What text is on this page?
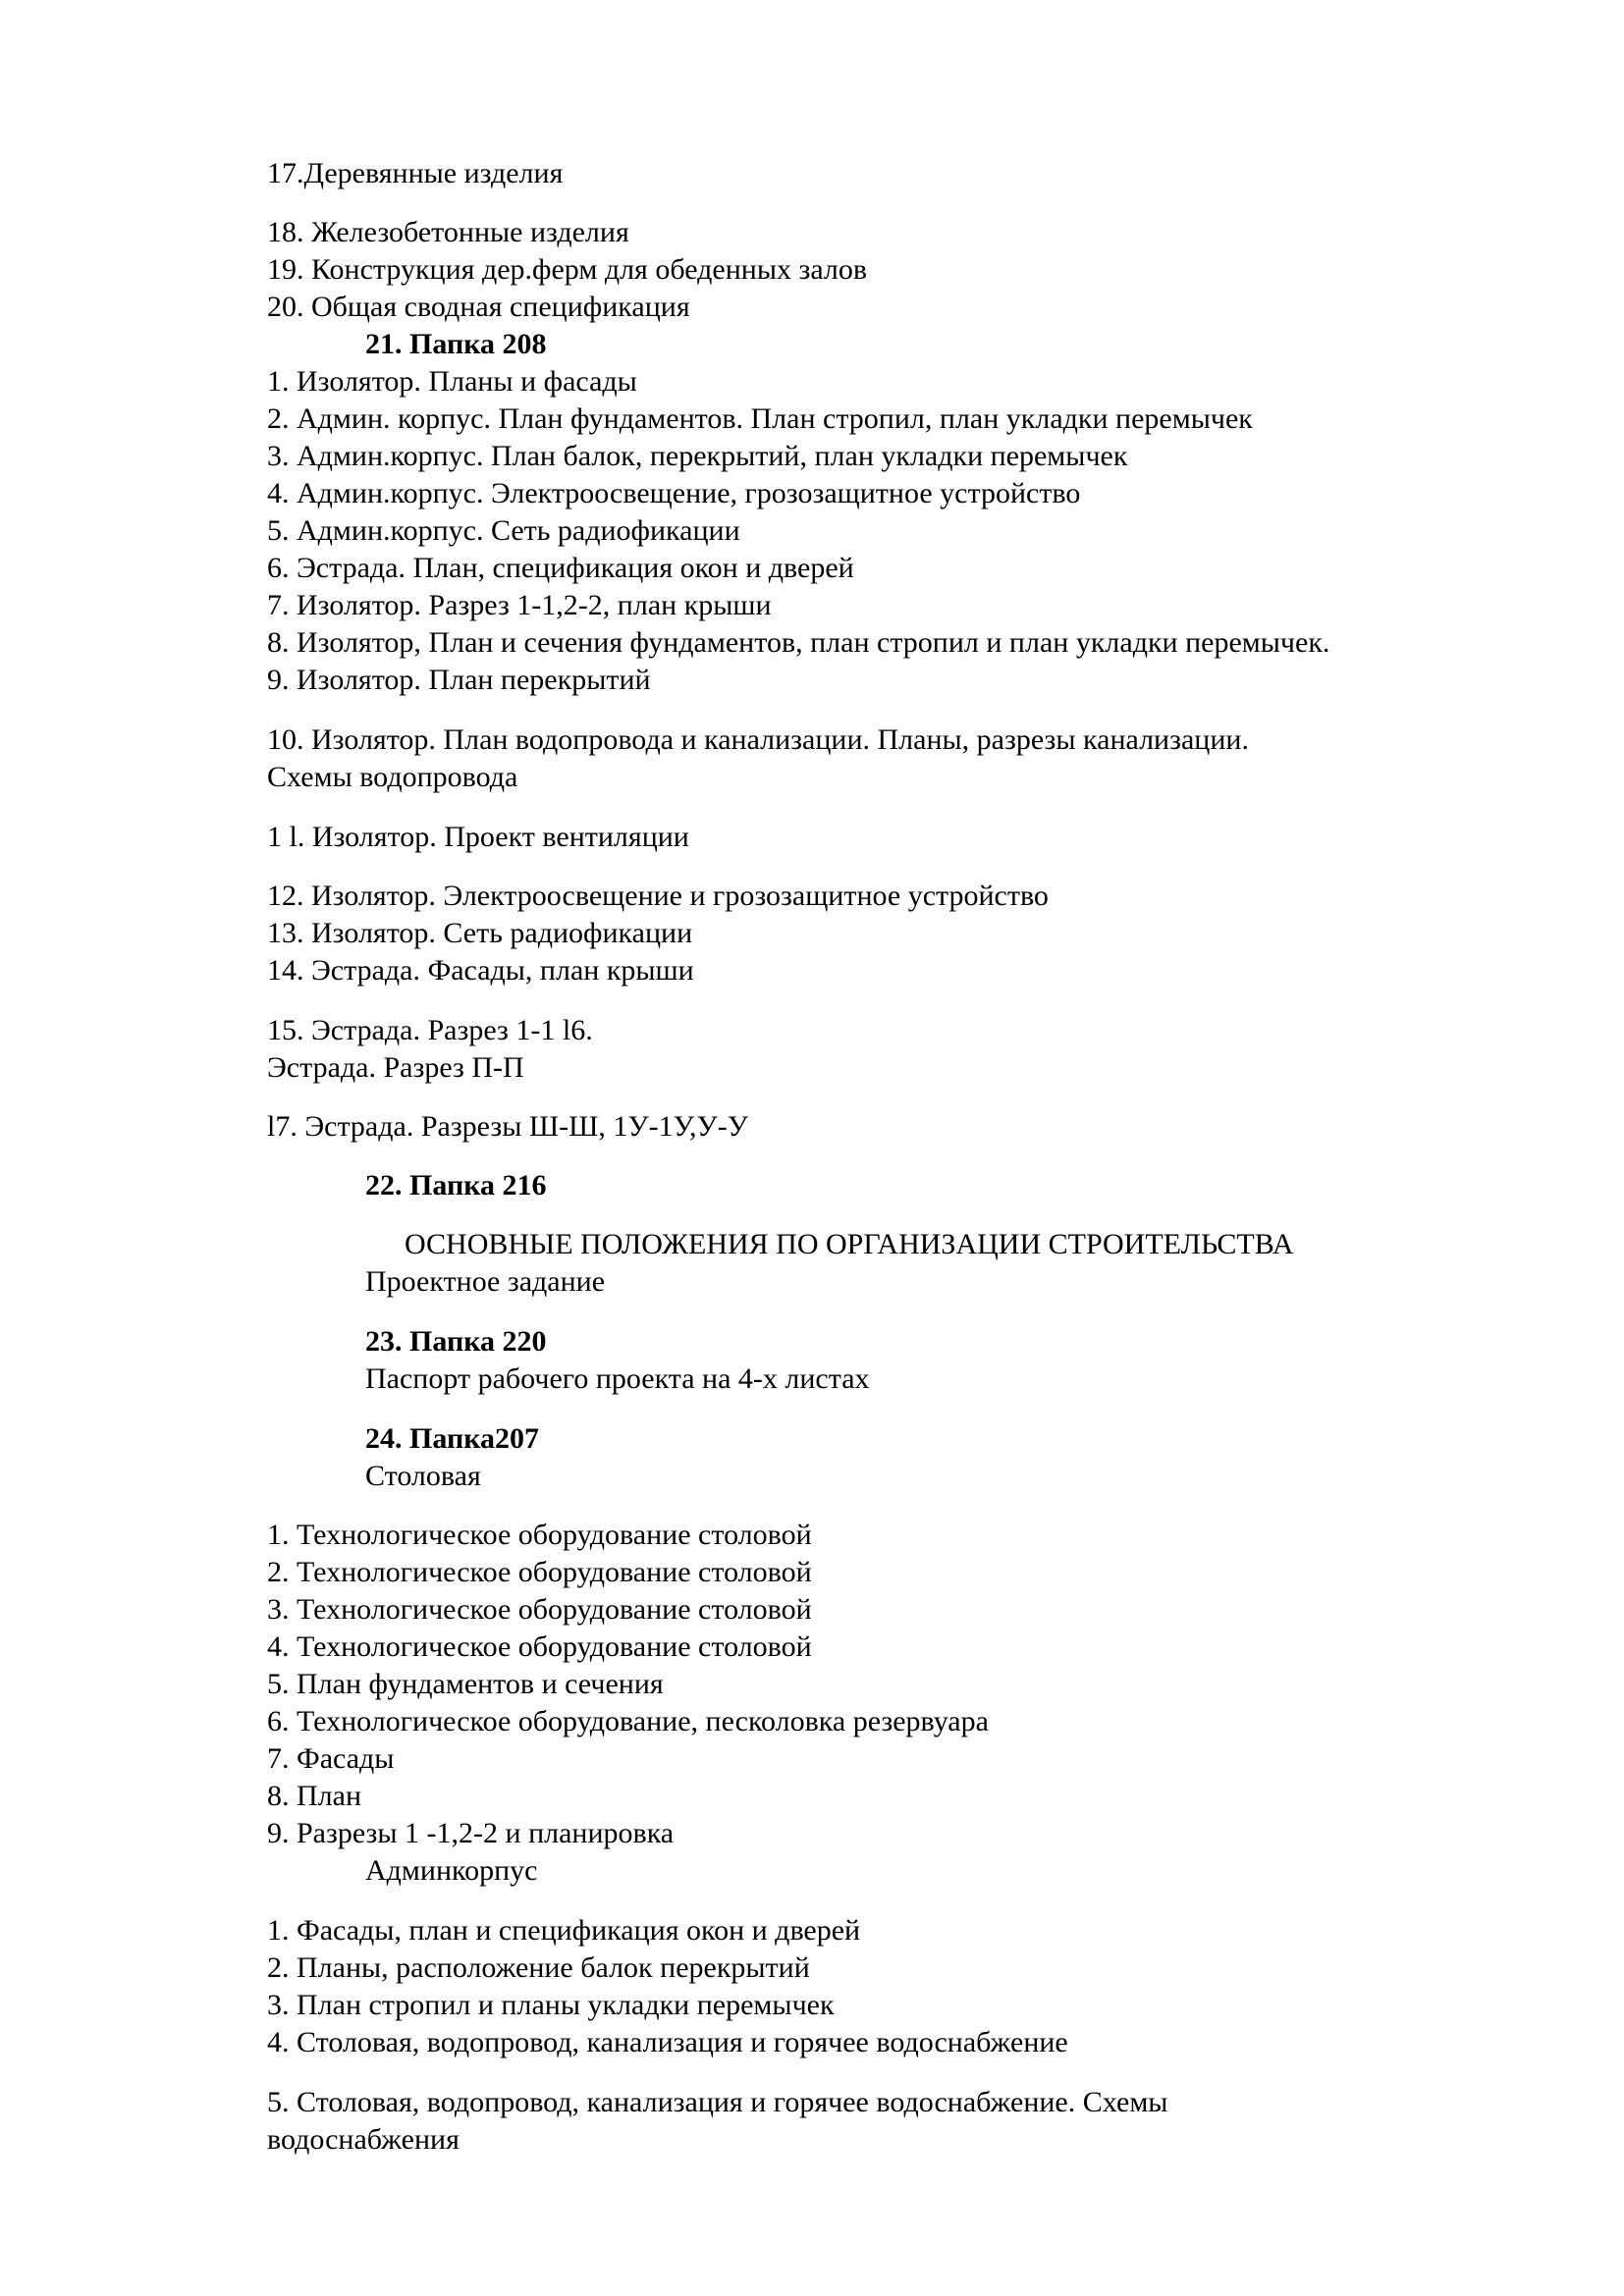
17.Деревянные изделия
18. Железобетонные изделия
19. Конструкция дер.ферм для обеденных залов
20. Общая сводная спецификация
21. Папка 208
1. Изолятор. Планы и фасады
2. Админ. корпус. План фундаментов. План стропил, план укладки перемычек
3. Админ.корпус. План балок, перекрытий, план укладки перемычек
4. Админ.корпус. Электроосвещение, грозозащитное устройство
5. Админ.корпус. Сеть радиофикации
6. Эстрада. План, спецификация окон и дверей
7. Изолятор. Разрез 1-1,2-2, план крыши
8. Изолятор, План и сечения фундаментов, план стропил и план укладки перемычек.
9. Изолятор. План перекрытий
10. Изолятор. План водопровода и канализации. Планы, разрезы канализации.
Схемы водопровода
1 l. Изолятор. Проект вентиляции
12. Изолятор. Электроосвещение и грозозащитное устройство
13. Изолятор. Сеть радиофикации
14. Эстрада. Фасады, план крыши
15. Эстрада. Разрез 1-1 l6.
Эстрада. Разрез П-П
l7. Эстрада. Разрезы Ш-Ш, 1У-1У,У-У
22. Папка 216
ОСНОВНЫЕ ПОЛОЖЕНИЯ ПО ОРГАНИЗАЦИИ СТРОИТЕЛЬСТВА
Проектное задание
23. Папка 220
Паспорт рабочего проекта на 4-х листах
24. Папка207
Столовая
1. Технологическое оборудование столовой
2. Технологическое оборудование столовой
3. Технологическое оборудование столовой
4. Технологическое оборудование столовой
5. План фундаментов и сечения
6. Технологическое оборудование, песколовка резервуара
7. Фасады
8. План
9. Разрезы 1 -1,2-2 и планировка
Админкорпус
1. Фасады, план и спецификация окон и дверей
2. Планы, расположение балок перекрытий
3. План стропил и планы укладки перемычек
4. Столовая, водопровод, канализация и горячее водоснабжение
5. Столовая, водопровод, канализация и горячее водоснабжение. Схемы
водоснабжения
